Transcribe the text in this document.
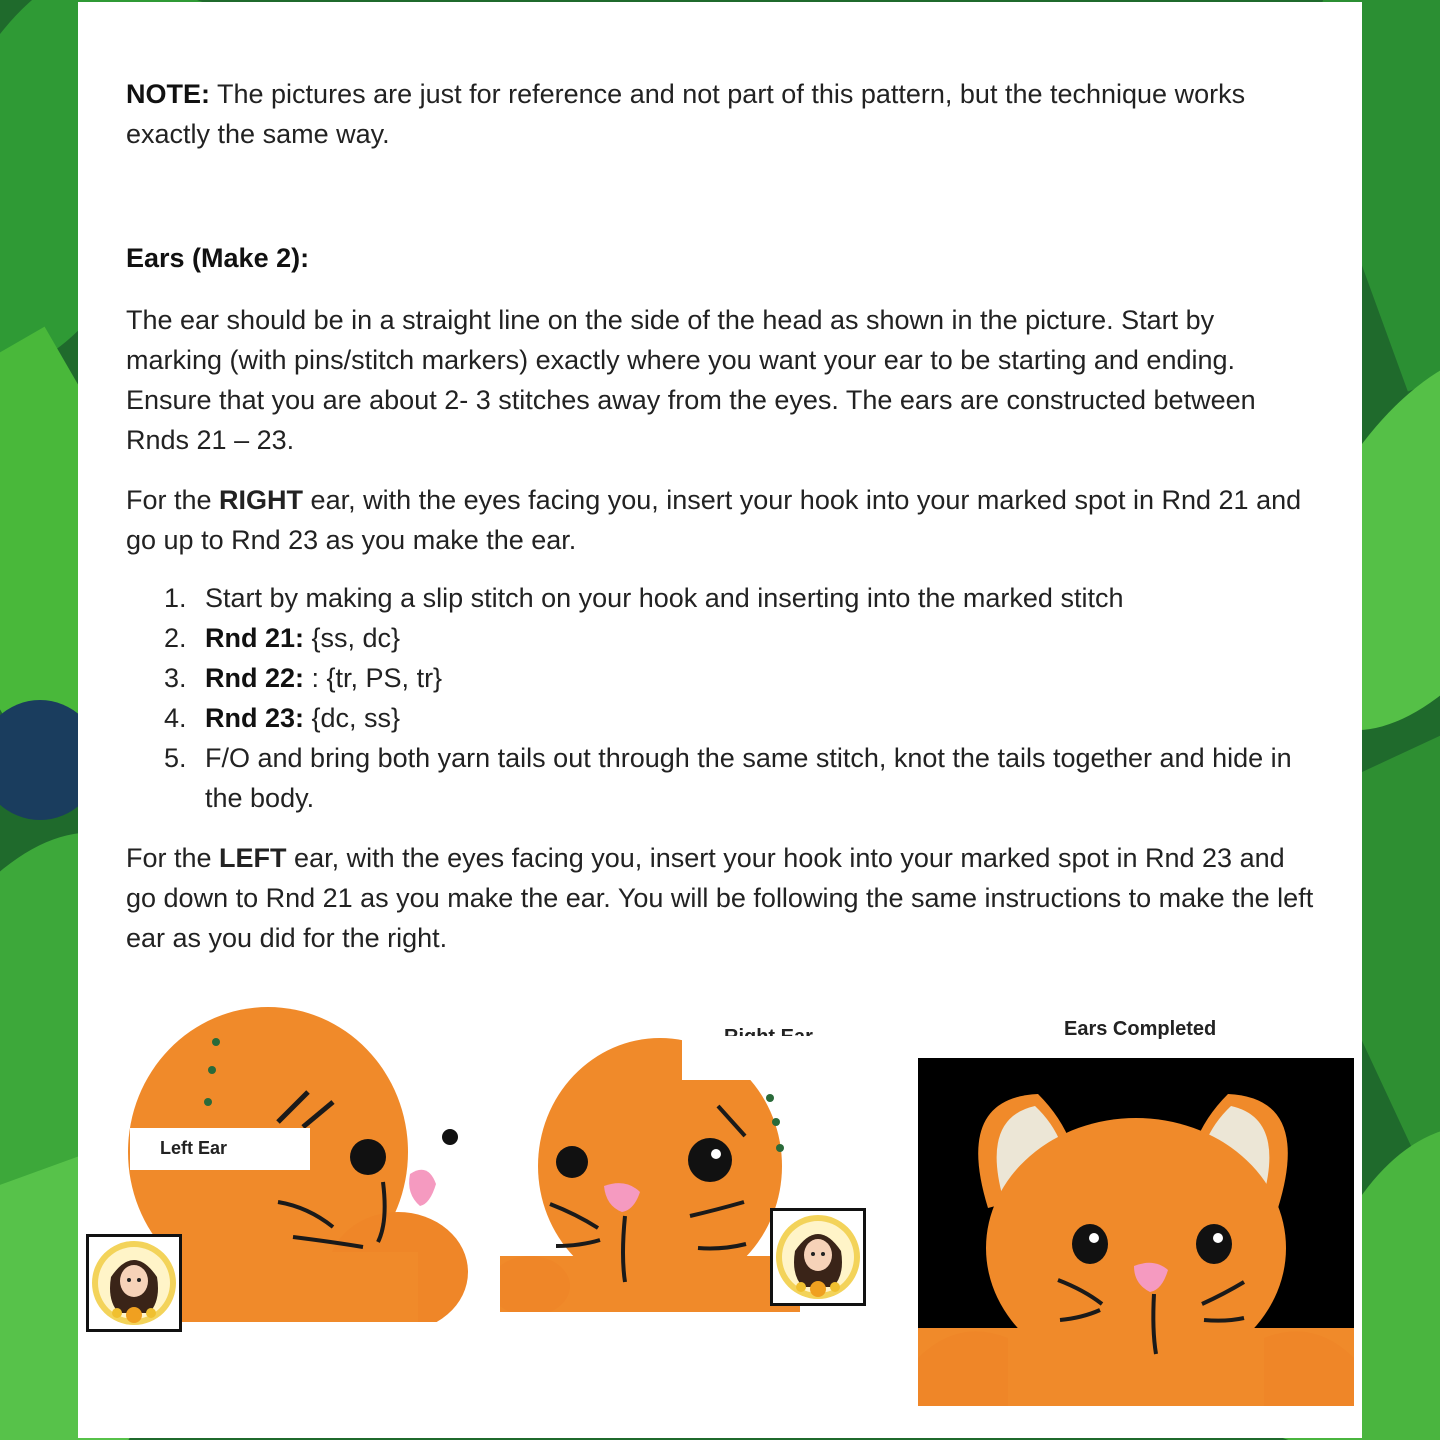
NOTE: The pictures are just for reference and not part of this pattern, but the technique works exactly the same way.
Ears (Make 2):

The ear should be in a straight line on the side of the head as shown in the picture. Start by marking (with pins/stitch markers) exactly where you want your ear to be starting and ending. Ensure that you are about 2- 3 stitches away from the eyes. The ears are constructed between Rnds 21 – 23.

For the RIGHT ear, with the eyes facing you, insert your hook into your marked spot in Rnd 21 and go up to Rnd 23 as you make the ear.

1. Start by making a slip stitch on your hook and inserting into the marked stitch
2. Rnd 21: {ss, dc}
3. Rnd 22: : {tr, PS, tr}
4. Rnd 23: {dc, ss}
5. F/O and bring both yarn tails out through the same stitch, knot the tails together and hide in the body.

For the LEFT ear, with the eyes facing you, insert your hook into your marked spot in Rnd 23 and go down to Rnd 21 as you make the ear. You will be following the same instructions to make the left ear as you did for the right.

Left Ear
Ears Completed
